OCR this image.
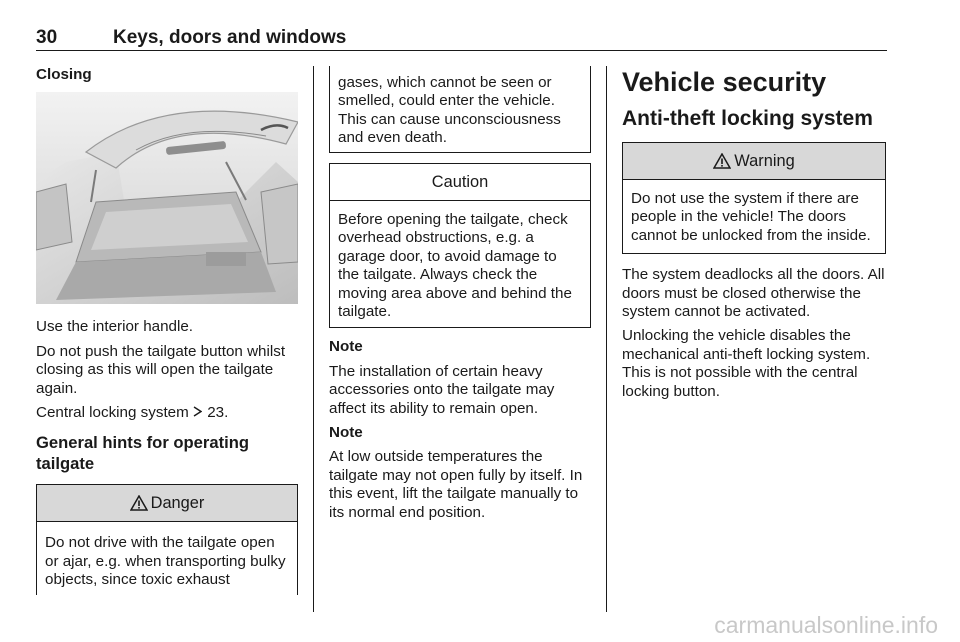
30	Keys, doors and windows
Closing

Use the interior handle.

Do not push the tailgate button whilst closing as this will open the tailgate again.

Central locking system  23.

General hints for operating tailgate
Danger
Do not drive with the tailgate open or ajar, e.g. when transporting bulky objects, since toxic exhaust
gases, which cannot be seen or smelled, could enter the vehicle. This can cause unconsciousness and even death.
Caution
Before opening the tailgate, check overhead obstructions, e.g. a garage door, to avoid damage to the tailgate. Always check the moving area above and behind the tailgate.

Note

The installation of certain heavy accessories onto the tailgate may affect its ability to remain open.

Note

At low outside temperatures the tailgate may not open fully by itself. In this event, lift the tailgate manually to its normal end position.

Vehicle security
Anti-theft locking system
Warning
Do not use the system if there are people in the vehicle! The doors cannot be unlocked from the inside.

The system deadlocks all the doors. All doors must be closed otherwise the system cannot be activated.

Unlocking the vehicle disables the mechanical anti-theft locking system. This is not possible with the central locking button.

carmanualsonline.info
